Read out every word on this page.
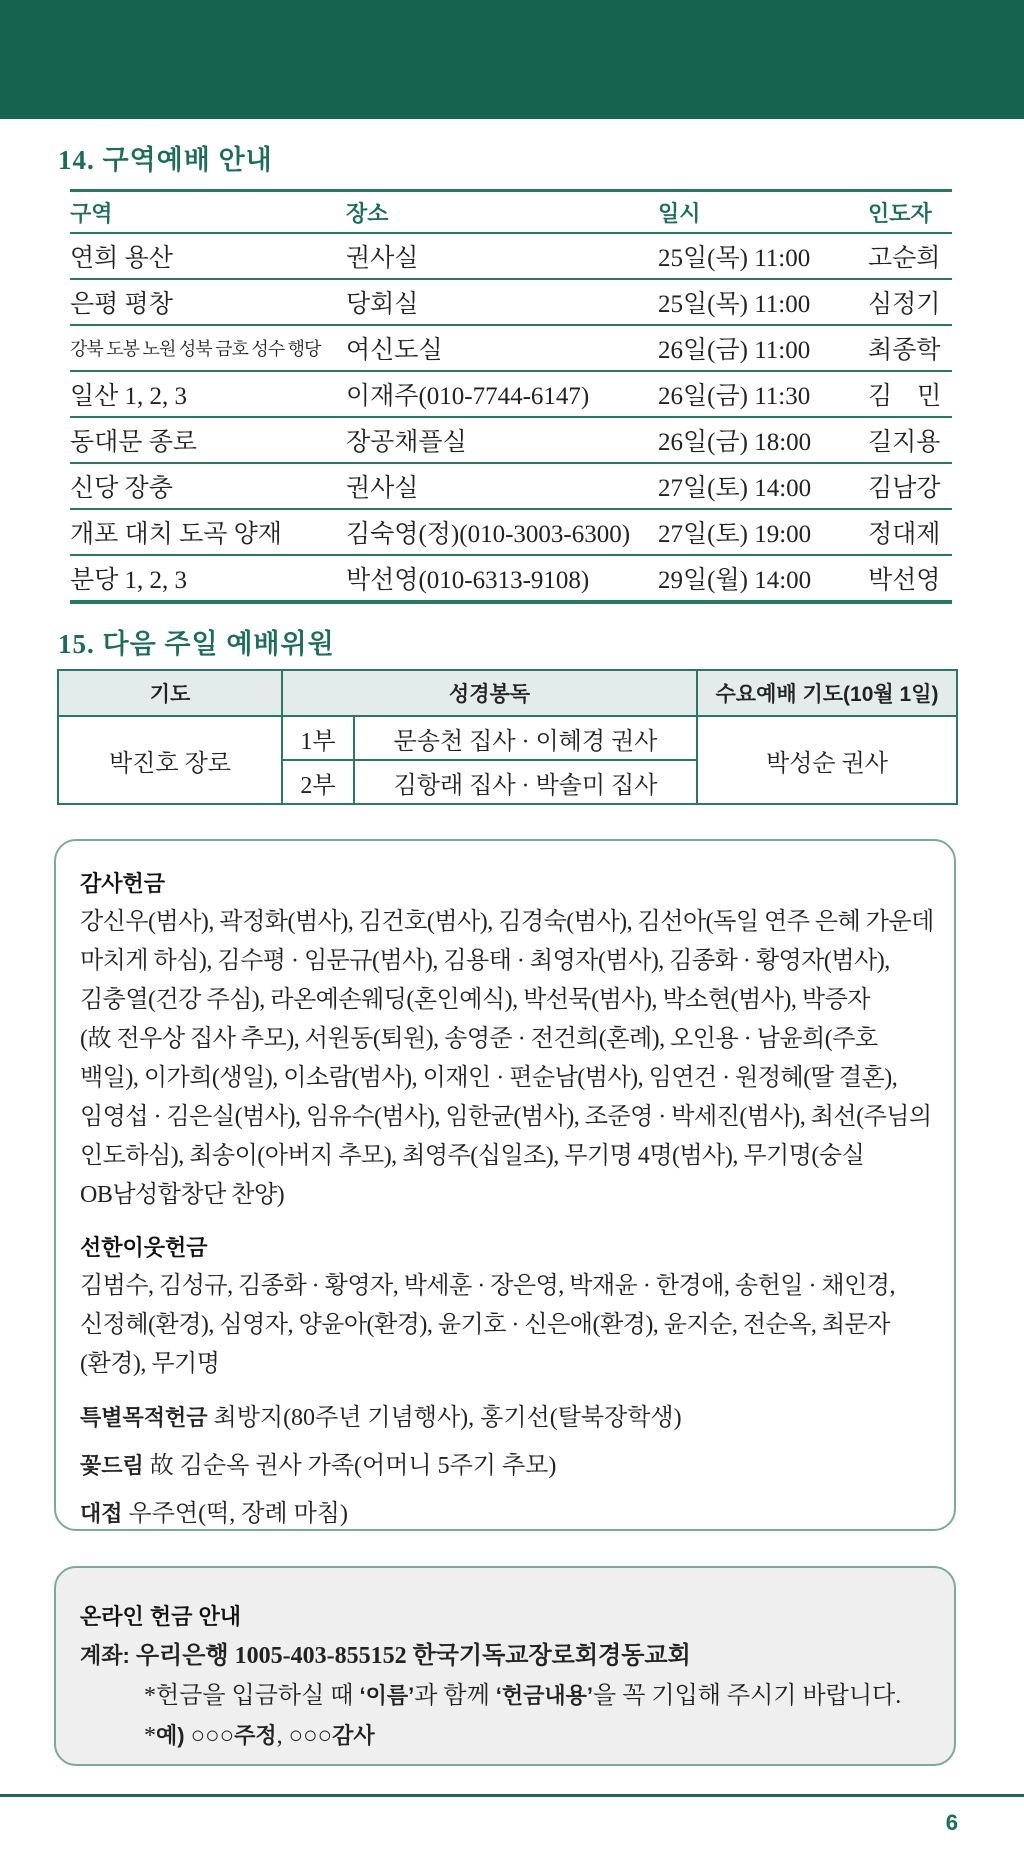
14. 구역예배 안내
구역	장소	일시	인도자
연희 용산	권사실	25일(목) 11:00	고순희
은평 평창	당회실	25일(목) 11:00	심정기
강북 도봉 노원 성북 금호 성수 행당	여신도실	26일(금) 11:00	최종학
일산 1, 2, 3	이재주(010-7744-6147)	26일(금) 11:30	김　민
동대문 종로	장공채플실	26일(금) 18:00	길지용
신당 장충	권사실	27일(토) 14:00	김남강
개포 대치 도곡 양재	김숙영(정)(010-3003-6300)	27일(토) 19:00	정대제
분당 1, 2, 3	박선영(010-6313-9108)	29일(월) 14:00	박선영
15. 다음 주일 예배위원
기도	성경봉독		수요예배 기도(10월 1일)
박진호 장로	1부	문송천 집사 · 이혜경 권사	박성순 권사
	2부	김항래 집사 · 박솔미 집사	
감사헌금
강신우(범사), 곽정화(범사), 김건호(범사), 김경숙(범사), 김선아(독일 연주 은혜 가운데
마치게 하심), 김수평 · 임문규(범사), 김용태 · 최영자(범사), 김종화 · 황영자(범사),
김충열(건강 주심), 라온예손웨딩(혼인예식), 박선묵(범사), 박소현(범사), 박증자
(故 전우상 집사 추모), 서원동(퇴원), 송영준 · 전건희(혼례), 오인용 · 남윤희(주호
백일), 이가희(생일), 이소람(범사), 이재인 · 편순남(범사), 임연건 · 원정혜(딸 결혼),
임영섭 · 김은실(범사), 임유수(범사), 임한균(범사), 조준영 · 박세진(범사), 최선(주님의
인도하심), 최송이(아버지 추모), 최영주(십일조), 무기명 4명(범사), 무기명(숭실
OB남성합창단 찬양)
선한이웃헌금
김범수, 김성규, 김종화 · 황영자, 박세훈 · 장은영, 박재윤 · 한경애, 송헌일 · 채인경,
신정혜(환경), 심영자, 양윤아(환경), 윤기호 · 신은애(환경), 윤지순, 전순옥, 최문자
(환경), 무기명
특별목적헌금 최방지(80주년 기념행사), 홍기선(탈북장학생)
꽃드림 故 김순옥 권사 가족(어머니 5주기 추모)
대접 우주연(떡, 장례 마침)
온라인 헌금 안내
계좌: 우리은행 1005-403-855152 한국기독교장로회경동교회
*헌금을 입금하실 때 ‘이름’과 함께 ‘헌금내용’을 꼭 기입해 주시기 바랍니다.
*예) ○○○주정, ○○○감사
6
